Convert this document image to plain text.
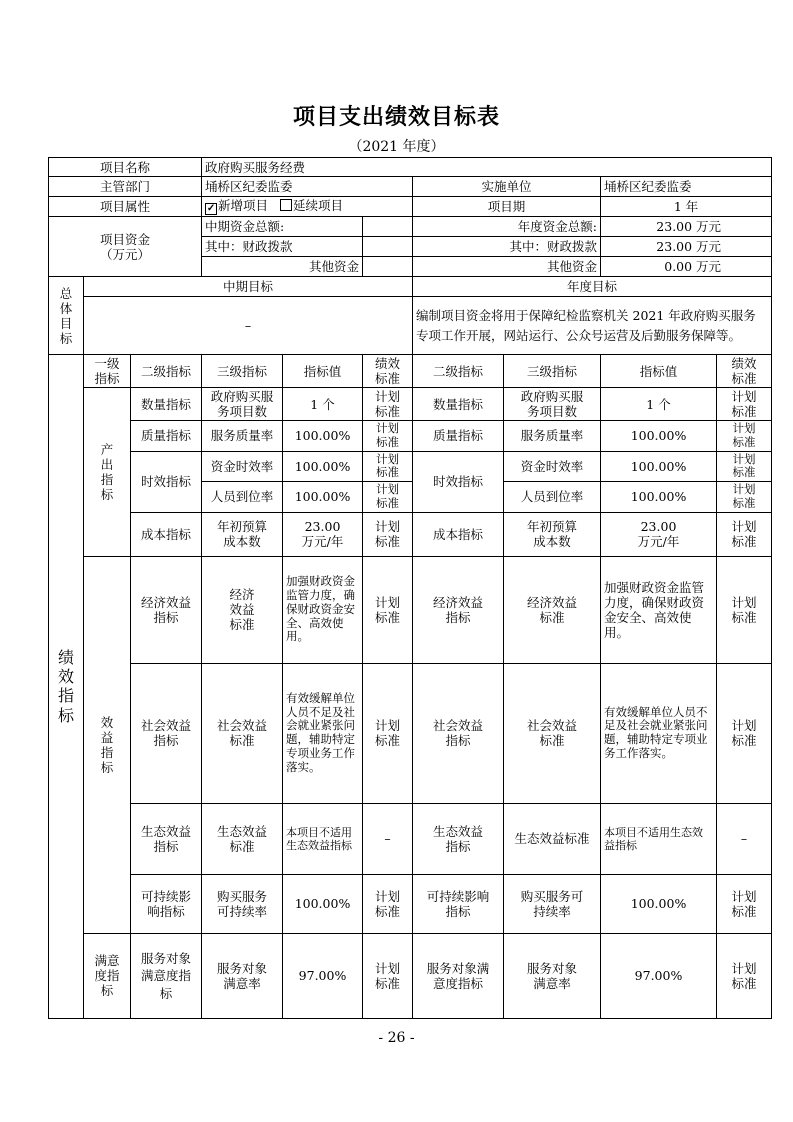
项目支出绩效目标表
（2021 年度）
项目名称			政府购买服务经费						
主管部门			埇桥区纪委监委			实施单位		埇桥区纪委监委	
项目属性			✓ 新增项目 延续项目			项目期		1 年	

项目资金
（万元）			中期资金总额:			年度资金总额:		23.00 万元	
			其中：财政拨款			其中：财政拨款		23.00 万元	
			其他资金			其他资金		0.00 万元	

总体目标	中期目标					年度目标			
	–					编制项目资金将用于保障纪检监察机关 2021 年政府购买服务专项工作开展，网站运行、公众号运营及后勤服务保障等。			

绩效指标	一级指标	二级指标	三级指标	指标值	绩效标准	二级指标	三级指标	指标值	绩效标准

	产出指标	数量指标	政府购买服务项目数	1 个	计划标准	数量指标	政府购买服务项目数	1 个	计划标准

		质量指标	服务质量率	100.00%	计划标准	质量指标	服务质量率	100.00%	计划标准

		时效指标	资金时效率	100.00%	计划标准	时效指标	资金时效率	100.00%	计划标准

			人员到位率	100.00%	计划标准		人员到位率	100.00%	计划标准

		成本指标	年初预算成本数	23.00 万元/年	计划标准	成本指标	年初预算成本数	23.00 万元/年	计划标准

	效益指标	经济效益指标	经济效益标准	加强财政资金监管力度，确保财政资金安全、高效使用。	计划标准	经济效益指标	经济效益标准	加强财政资金监管力度，确保财政资金安全、高效使用。	计划标准

		社会效益指标	社会效益标准	有效缓解单位人员不足及社会就业紧张问题，辅助特定专项业务工作落实。	计划标准	社会效益指标	社会效益标准	有效缓解单位人员不足及社会就业紧张问题，辅助特定专项业务工作落实。	计划标准

		生态效益指标	生态效益标准	本项目不适用生态效益指标	–	生态效益指标	生态效益标准	本项目不适用生态效益指标	–

		可持续影响指标	购买服务可持续率	100.00%	计划标准	可持续影响指标	购买服务可持续率	100.00%	计划标准

	满意度指标	服务对象满意度指标	服务对象满意率	97.00%	计划标准	服务对象满意度指标	服务对象满意率	97.00%	计划标准
- 26 -
